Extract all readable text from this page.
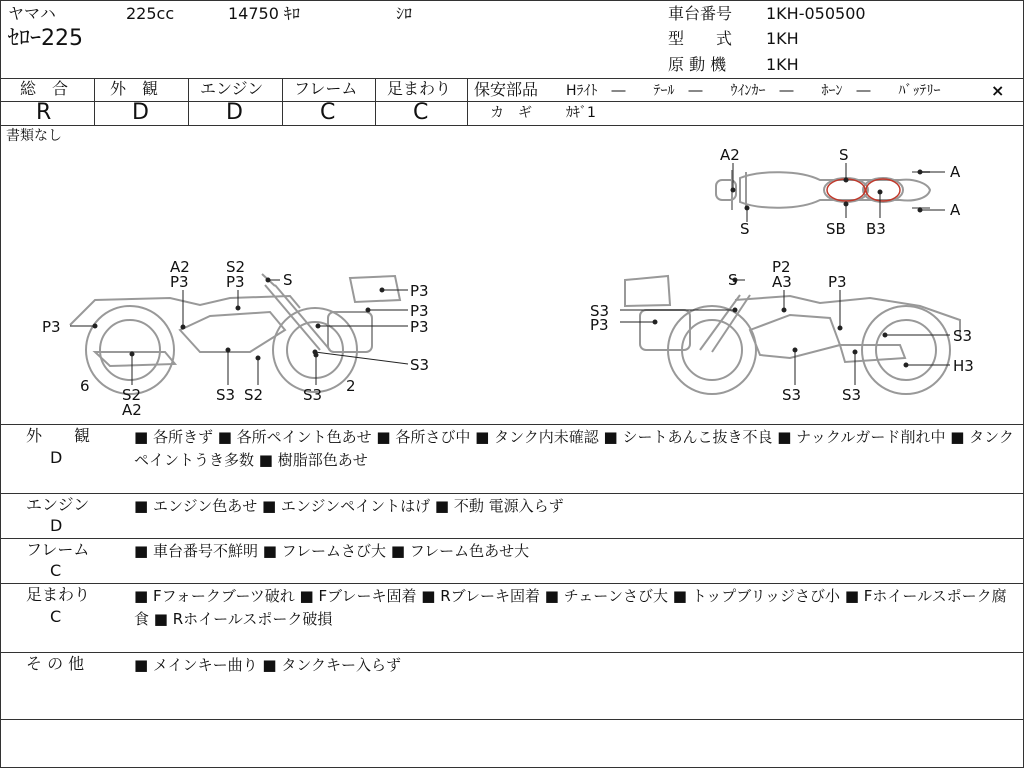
ヤマハ	225cc	14750 ｷﾛ	ｼﾛ
ｾﾛｰ225
車台番号 1KH-050500
型　　式 1KH
原 動 機 1KH
総　合	外　観	エンジン フレーム 足まわり
R	D	D	C	C
保安部品 Hﾗｲﾄ　―　　ﾃｰﾙ　―　　ｳｲﾝｶｰ　―　　ﾎｰﾝ　―　　ﾊﾞｯﾃﾘｰ	×
カ　ギ ｶｷﾞ1
書類なし
A2
S
S
SB B3
A
A
A2
P3
S2
P3	S
P3
P3
P3
P3
S3
6 S2
A2
S3 S2	S3 2
S
P2
A3 P3
S3
P3
S3
H3
S3	S3
外　　観
D
■ 各所きず ■ 各所ペイント色あせ ■ 各所さび中 ■ タンク内未確認 ■ シートあんこ抜き不良 ■ ナックルガード削れ中 ■ タンクペイントうき多数 ■ 樹脂部色あせ
エンジン
D
■ エンジン色あせ ■ エンジンペイントはげ ■ 不動 電源入らず
フレーム
C
■ 車台番号不鮮明 ■ フレームさび大 ■ フレーム色あせ大
足まわり
C
■ Fフォークブーツ破れ ■ Fブレーキ固着 ■ Rブレーキ固着 ■ チェーンさび大 ■ トップブリッジさび小 ■ Fホイールスポーク腐食 ■ Rホイールスポーク破損
そ の 他	■ メインキー曲り ■ タンクキー入らず
